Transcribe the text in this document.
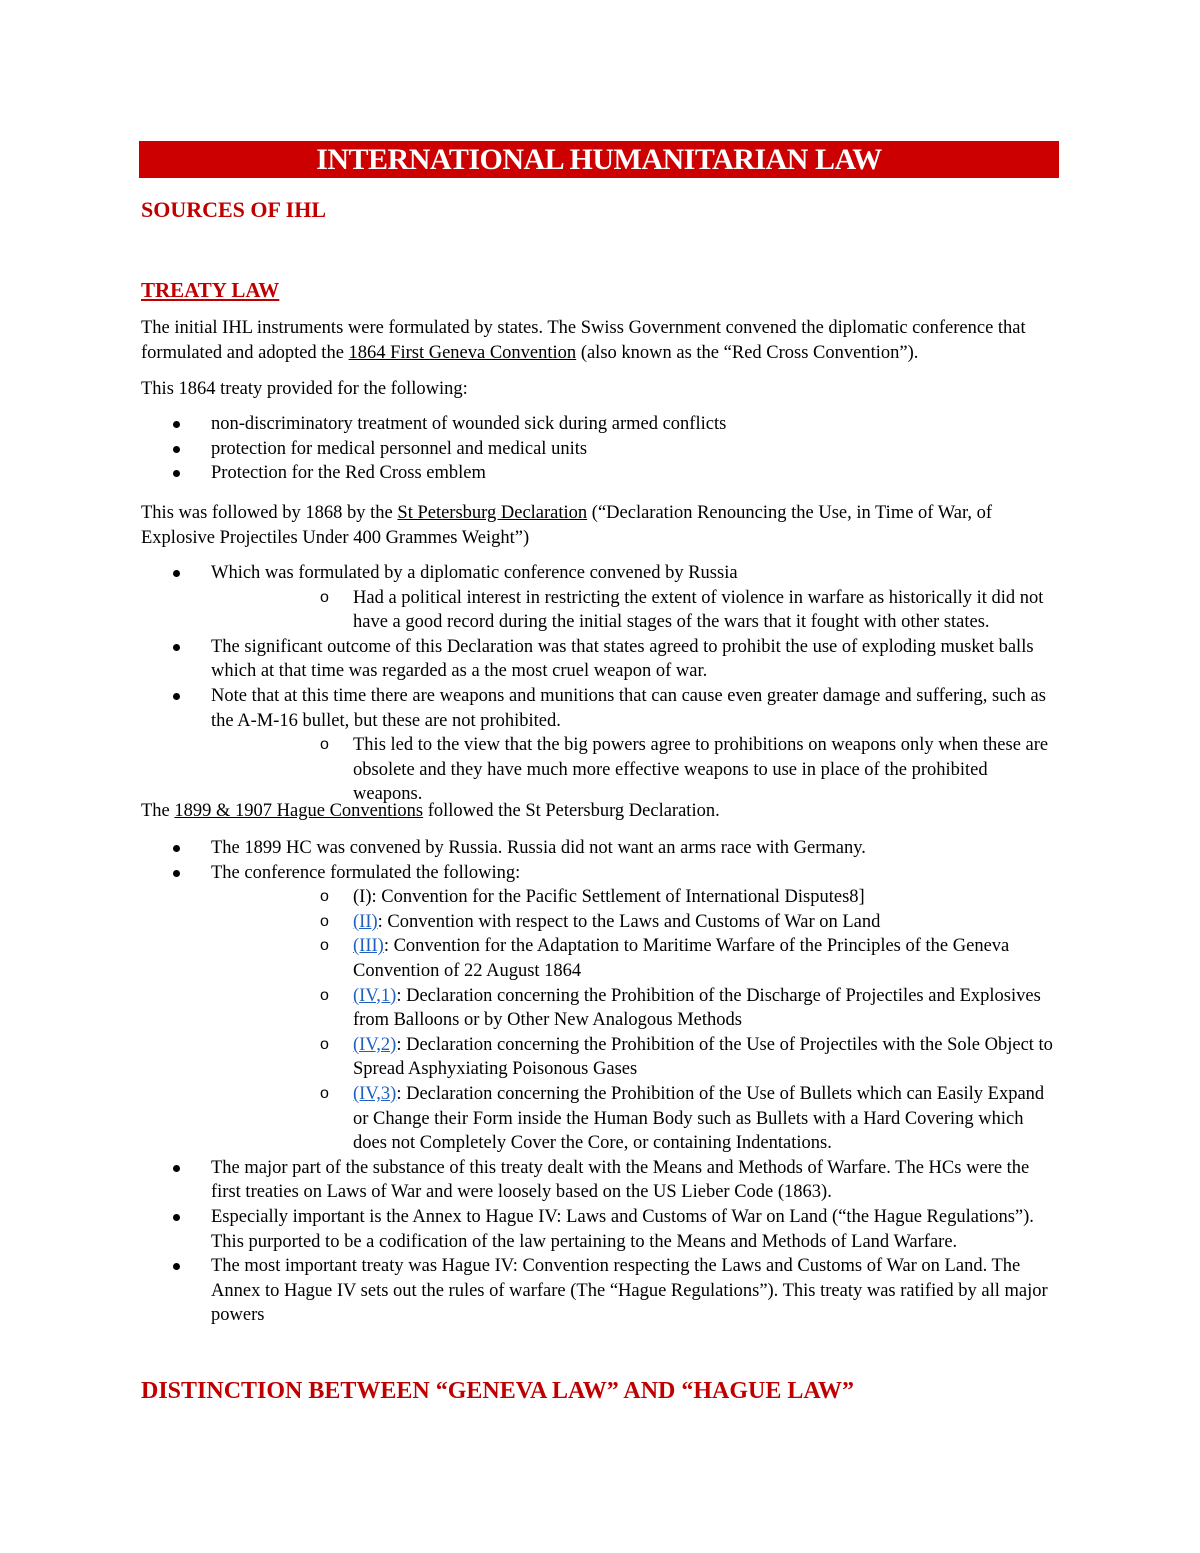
INTERNATIONAL HUMANITARIAN LAW
SOURCES OF IHL
TREATY LAW

The initial IHL instruments were formulated by states. The Swiss Government convened the diplomatic conference that formulated and adopted the 1864 First Geneva Convention (also known as the “Red Cross Convention”).

This 1864 treaty provided for the following:

non-discriminatory treatment of wounded sick during armed conflicts
protection for medical personnel and medical units
Protection for the Red Cross emblem

This was followed by 1868 by the St Petersburg Declaration (“Declaration Renouncing the Use, in Time of War, of Explosive Projectiles Under 400 Grammes Weight”)

Which was formulated by a diplomatic conference convened by Russia
o Had a political interest in restricting the extent of violence in warfare as historically it did not have a good record during the initial stages of the wars that it fought with other states.
The significant outcome of this Declaration was that states agreed to prohibit the use of exploding musket balls which at that time was regarded as a the most cruel weapon of war.
Note that at this time there are weapons and munitions that can cause even greater damage and suffering, such as the A-M-16 bullet, but these are not prohibited.
o This led to the view that the big powers agree to prohibitions on weapons only when these are obsolete and they have much more effective weapons to use in place of the prohibited weapons.

The 1899 & 1907 Hague Conventions followed the St Petersburg Declaration.

The 1899 HC was convened by Russia. Russia did not want an arms race with Germany.
The conference formulated the following:
o (I): Convention for the Pacific Settlement of International Disputes8]
o (II): Convention with respect to the Laws and Customs of War on Land
o (III): Convention for the Adaptation to Maritime Warfare of the Principles of the Geneva Convention of 22 August 1864
o (IV,1): Declaration concerning the Prohibition of the Discharge of Projectiles and Explosives from Balloons or by Other New Analogous Methods
o (IV,2): Declaration concerning the Prohibition of the Use of Projectiles with the Sole Object to Spread Asphyxiating Poisonous Gases
o (IV,3): Declaration concerning the Prohibition of the Use of Bullets which can Easily Expand or Change their Form inside the Human Body such as Bullets with a Hard Covering which does not Completely Cover the Core, or containing Indentations.
The major part of the substance of this treaty dealt with the Means and Methods of Warfare. The HCs were the first treaties on Laws of War and were loosely based on the US Lieber Code (1863).
Especially important is the Annex to Hague IV: Laws and Customs of War on Land (“the Hague Regulations”). This purported to be a codification of the law pertaining to the Means and Methods of Land Warfare.
The most important treaty was Hague IV: Convention respecting the Laws and Customs of War on Land. The Annex to Hague IV sets out the rules of warfare (The “Hague Regulations”). This treaty was ratified by all major powers
DISTINCTION BETWEEN “GENEVA LAW” AND “HAGUE LAW”
